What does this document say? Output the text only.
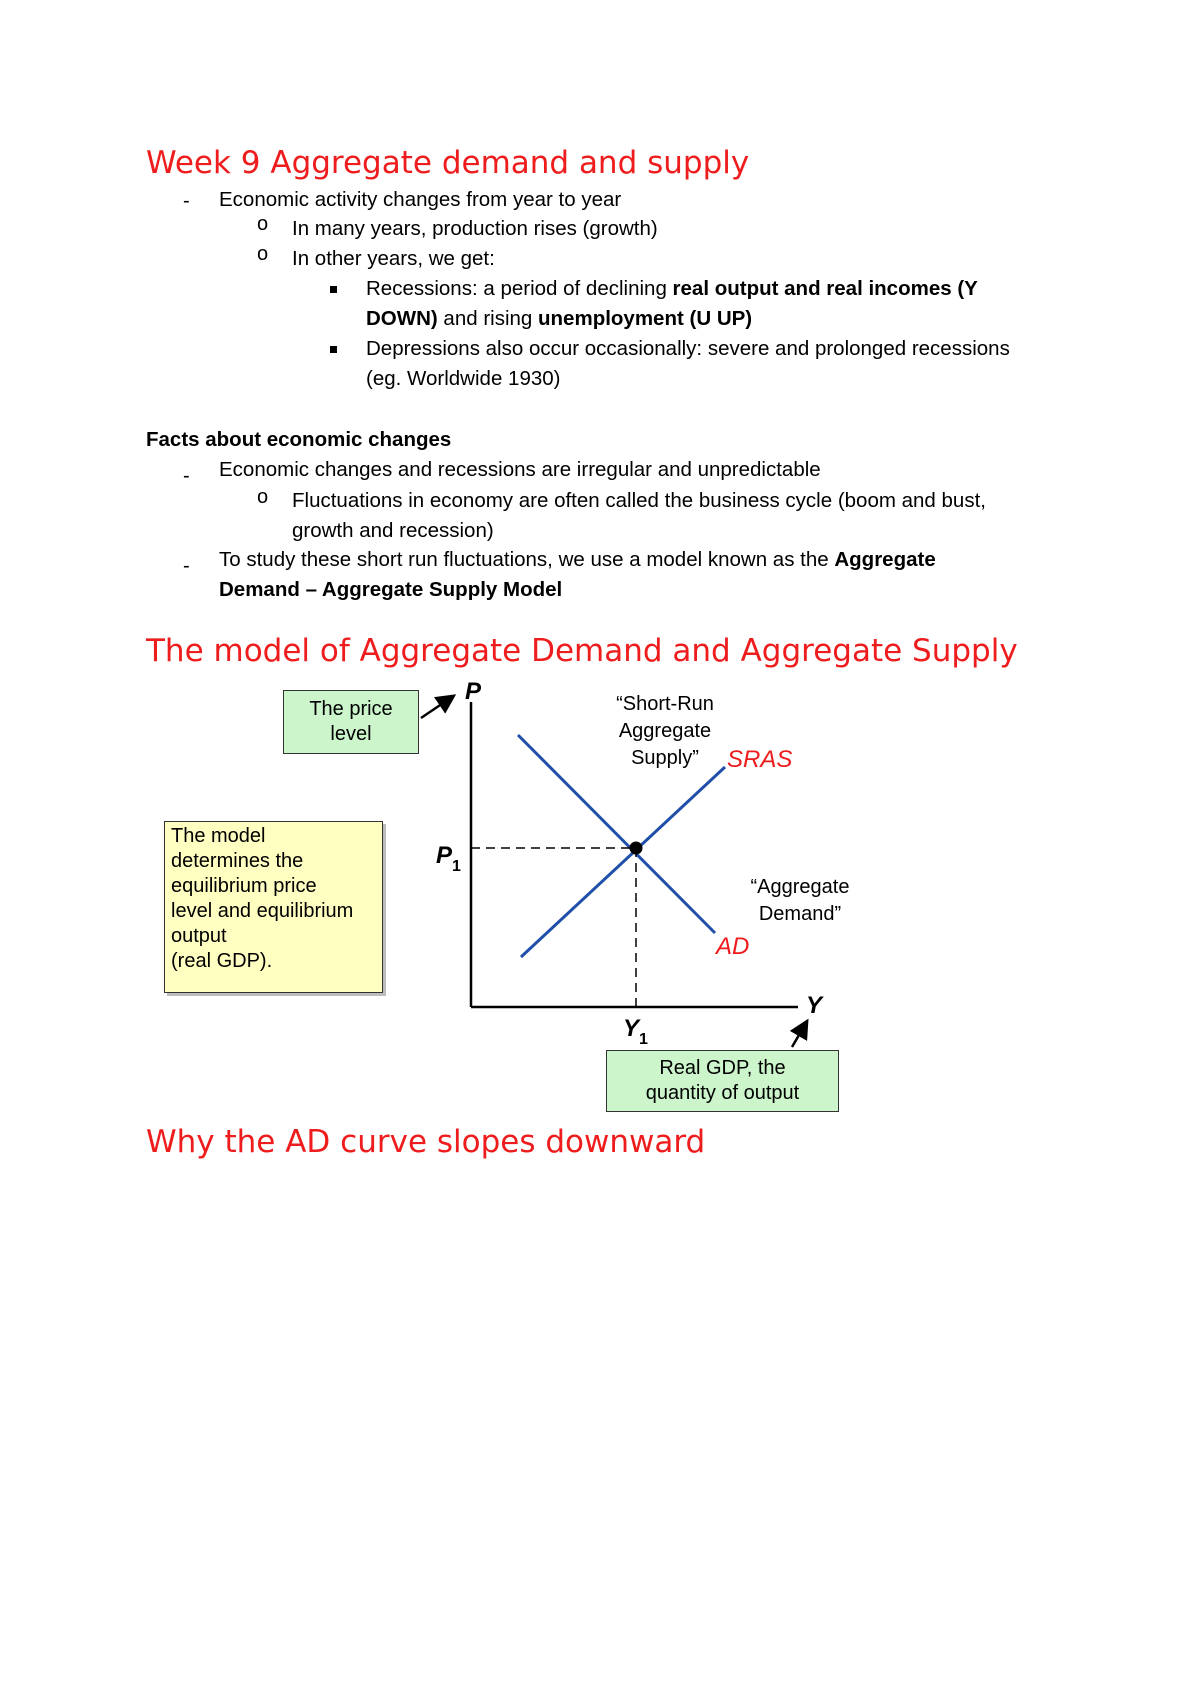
Week 9 Aggregate demand and supply
- Economic activity changes from year to year
o In many years, production rises (growth)
o In other years, we get:
Recessions: a period of declining real output and real incomes (Y
DOWN) and rising unemployment (U UP)
Depressions also occur occasionally: severe and prolonged recessions
(eg. Worldwide 1930)
Facts about economic changes
- Economic changes and recessions are irregular and unpredictable
o Fluctuations in economy are often called the business cycle (boom and bust,
growth and recession)
- To study these short run fluctuations, we use a model known as the Aggregate
Demand – Aggregate Supply Model
The model of Aggregate Demand and Aggregate Supply
The price
level
The model
determines the
equilibrium price
level and equilibrium
output
(real GDP).
Real GDP, the
quantity of output
P
Y
$P_1$
$Y_1$
“Short-Run
Aggregate
Supply” SRAS
“Aggregate
Demand”
AD
Why the AD curve slopes downward
